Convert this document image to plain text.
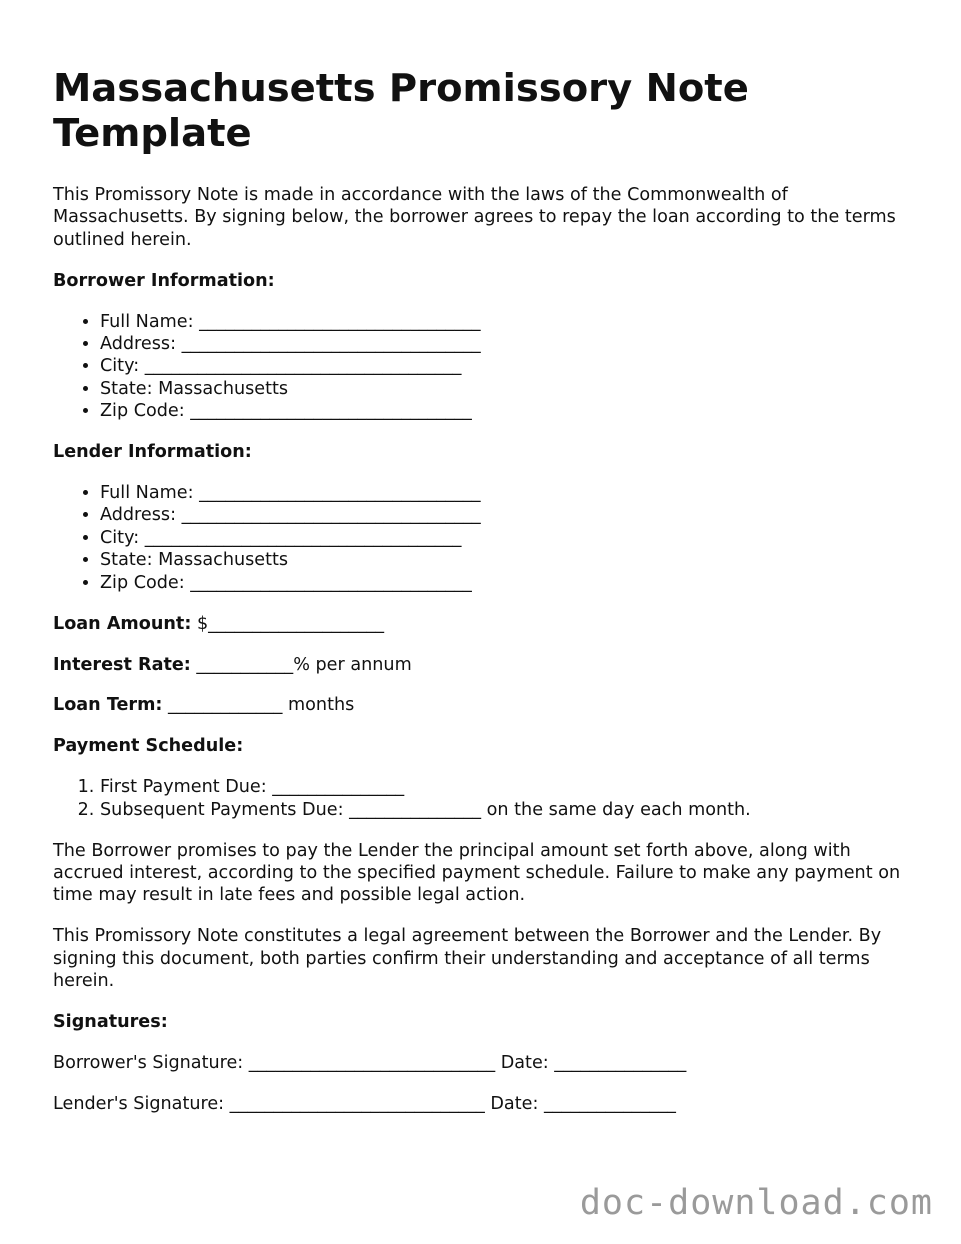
Massachusetts Promissory Note Template

This Promissory Note is made in accordance with the laws of the Commonwealth of Massachusetts. By signing below, the borrower agrees to repay the loan according to the terms outlined herein.

Borrower Information:

• Full Name: ________________________________
• Address: __________________________________
• City: ____________________________________
• State: Massachusetts
• Zip Code: ________________________________

Lender Information:

• Full Name: ________________________________
• Address: __________________________________
• City: ____________________________________
• State: Massachusetts
• Zip Code: ________________________________

Loan Amount: $____________________

Interest Rate: ___________% per annum

Loan Term: _____________ months

Payment Schedule:

1. First Payment Due: _______________
2. Subsequent Payments Due: _______________ on the same day each month.

The Borrower promises to pay the Lender the principal amount set forth above, along with accrued interest, according to the specified payment schedule. Failure to make any payment on time may result in late fees and possible legal action.

This Promissory Note constitutes a legal agreement between the Borrower and the Lender. By signing this document, both parties confirm their understanding and acceptance of all terms herein.

Signatures:

Borrower's Signature: ____________________________ Date: _______________

Lender's Signature: _____________________________ Date: _______________

doc-download.com
